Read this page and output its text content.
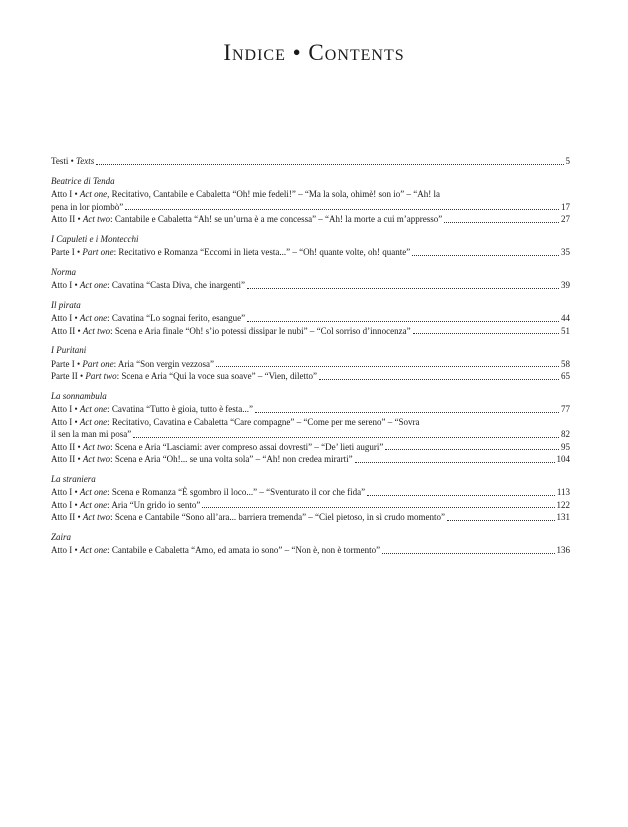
Indice • Contents
Testi • Texts	5
Beatrice di Tenda
Atto I • Act one, Recitativo, Cantabile e Cabaletta “Oh! mie fedeli!” – “Ma la sola, ohimè! son io” – “Ah! la
pena in lor piombò”	17
Atto II • Act two: Cantabile e Cabaletta “Ah! se un’urna è a me concessa” – “Ah! la morte a cui m’appresso”	27
I Capuleti e i Montecchi
Parte I • Part one: Recitativo e Romanza “Eccomi in lieta vesta...” – “Oh! quante volte, oh! quante”	35
Norma
Atto I • Act one: Cavatina “Casta Diva, che inargenti”	39
Il pirata
Atto I • Act one: Cavatina “Lo sognai ferito, esangue”	44
Atto II • Act two: Scena e Aria finale “Oh! s’io potessi dissipar le nubi” – “Col sorriso d’innocenza”	51
I Puritani
Parte I • Part one: Aria “Son vergin vezzosa”	58
Parte II • Part two: Scena e Aria “Qui la voce sua soave” – “Vien, diletto”	65
La sonnambula
Atto I • Act one: Cavatina “Tutto è gioia, tutto è festa...”	77
Atto I • Act one: Recitativo, Cavatina e Cabaletta “Care compagne” – “Come per me sereno” – “Sovra
il sen la man mi posa”	82
Atto II • Act two: Scena e Aria “Lasciami: aver compreso assai dovresti” – “De’ lieti auguri”	95
Atto II • Act two: Scena e Aria “Oh!... se una volta sola” – “Ah! non credea mirarti”	104
La straniera
Atto I • Act one: Scena e Romanza “È sgombro il loco...” – “Sventurato il cor che fida”	113
Atto I • Act one: Aria “Un grido io sento”	122
Atto II • Act two: Scena e Cantabile “Sono all’ara... barriera tremenda” – “Ciel pietoso, in sì crudo momento”	131
Zaira
Atto I • Act one: Cantabile e Cabaletta “Amo, ed amata io sono” – “Non è, non è tormento”	136
